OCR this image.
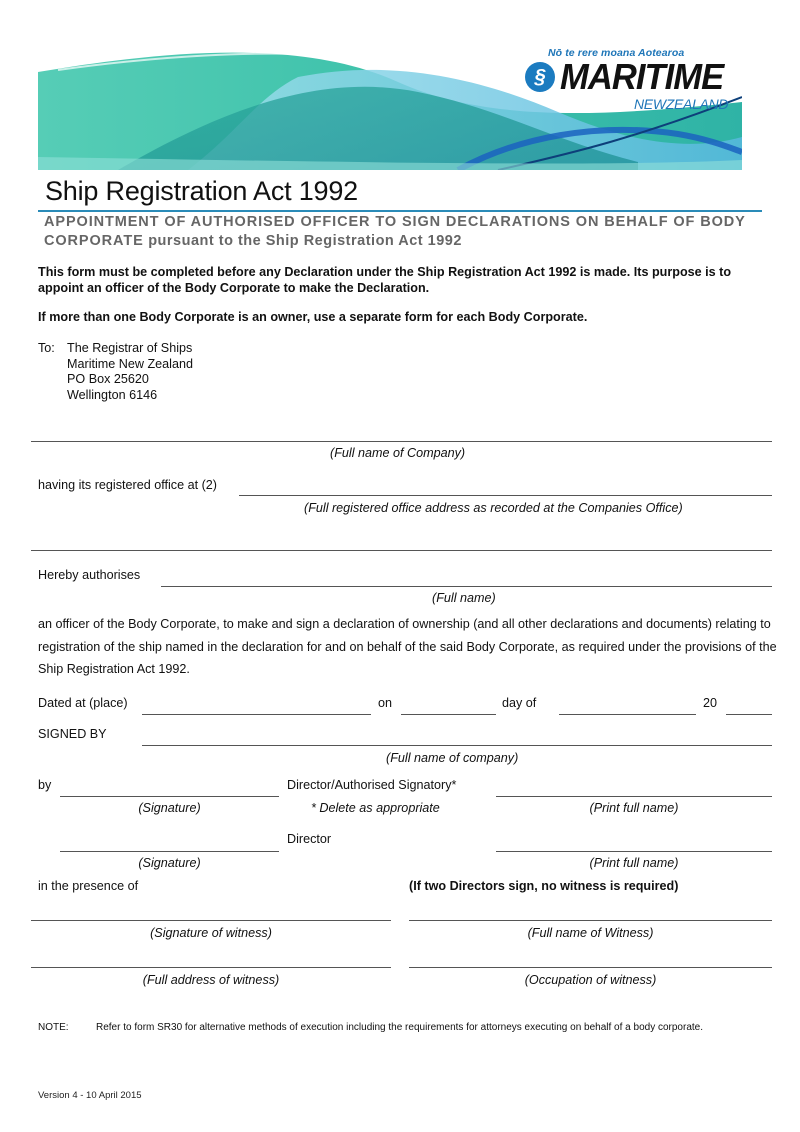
Nō te rere moana Aotearoa
§ MARITIME
NEWZEALAND
Ship Registration Act 1992
APPOINTMENT OF AUTHORISED OFFICER TO SIGN DECLARATIONS ON BEHALF OF BODY CORPORATE pursuant to the Ship Registration Act 1992
This form must be completed before any Declaration under the Ship Registration Act 1992 is made. Its purpose is to appoint an officer of the Body Corporate to make the Declaration.
If more than one Body Corporate is an owner, use a separate form for each Body Corporate.
To: The Registrar of Ships
Maritime New Zealand
PO Box 25620
Wellington 6146
(Full name of Company)
having its registered office at (2)
(Full registered office address as recorded at the Companies Office)
Hereby authorises
(Full name)
an officer of the Body Corporate, to make and sign a declaration of ownership (and all other declarations and documents) relating to registration of the ship named in the declaration for and on behalf of the said Body Corporate, as required under the provisions of the Ship Registration Act 1992.
Dated at (place)	on	day of	20
SIGNED BY
(Full name of company)
by
(Signature)
Director/Authorised Signatory*
* Delete as appropriate	(Print full name)
Director
(Signature)	(Print full name)
in the presence of	(If two Directors sign, no witness is required)
(Signature of witness)	(Full name of Witness)
(Full address of witness)	(Occupation of witness)
NOTE:	Refer to form SR30 for alternative methods of execution including the requirements for attorneys executing on behalf of a body corporate.
Version 4 - 10 April 2015
